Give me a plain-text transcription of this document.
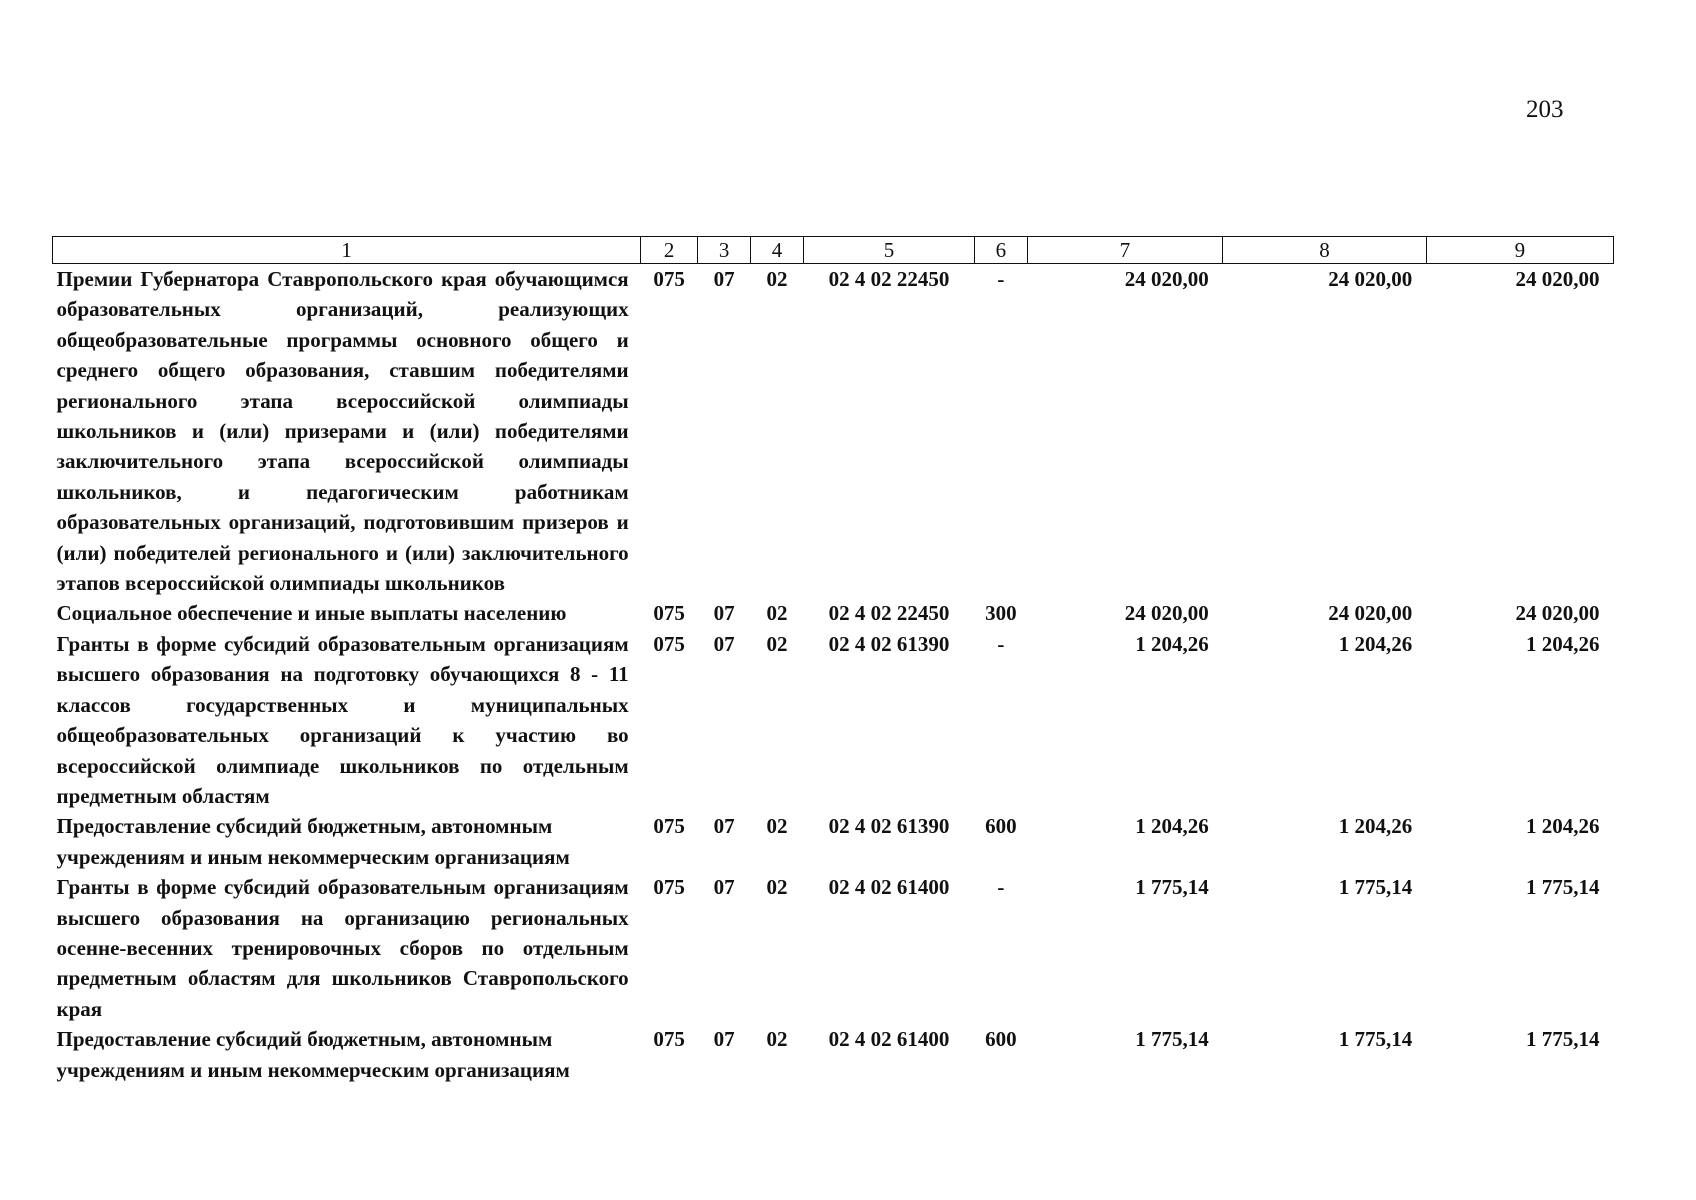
203
1	2	3	4	5	6	7	8	9
Премии Губернатора Ставропольского края обучающимся образовательных организаций, реализующих общеобразовательные программы основного общего и среднего общего образования, ставшим победителями регионального этапа всероссийской олимпиады школьников и (или) призерами и (или) победителями заключительного этапа всероссийской олимпиады школьников, и педагогическим работникам образовательных организаций, подготовившим призеров и (или) победителей регионального и (или) заключительного этапов всероссийской олимпиады школьников	075	07	02	02 4 02 22450	-	24 020,00	24 020,00	24 020,00
Социальное обеспечение и иные выплаты населению	075	07	02	02 4 02 22450	300	24 020,00	24 020,00	24 020,00
Гранты в форме субсидий образовательным организациям высшего образования на подготовку обучающихся 8 - 11 классов государственных и муниципальных общеобразовательных организаций к участию во всероссийской олимпиаде школьников по отдельным предметным областям	075	07	02	02 4 02 61390	-	1 204,26	1 204,26	1 204,26
Предоставление субсидий бюджетным, автономным учреждениям и иным некоммерческим организациям	075	07	02	02 4 02 61390	600	1 204,26	1 204,26	1 204,26
Гранты в форме субсидий образовательным организациям высшего образования на организацию региональных осенне-весенних тренировочных сборов по отдельным предметным областям для школьников Ставропольского края	075	07	02	02 4 02 61400	-	1 775,14	1 775,14	1 775,14
Предоставление субсидий бюджетным, автономным учреждениям и иным некоммерческим организациям	075	07	02	02 4 02 61400	600	1 775,14	1 775,14	1 775,14
